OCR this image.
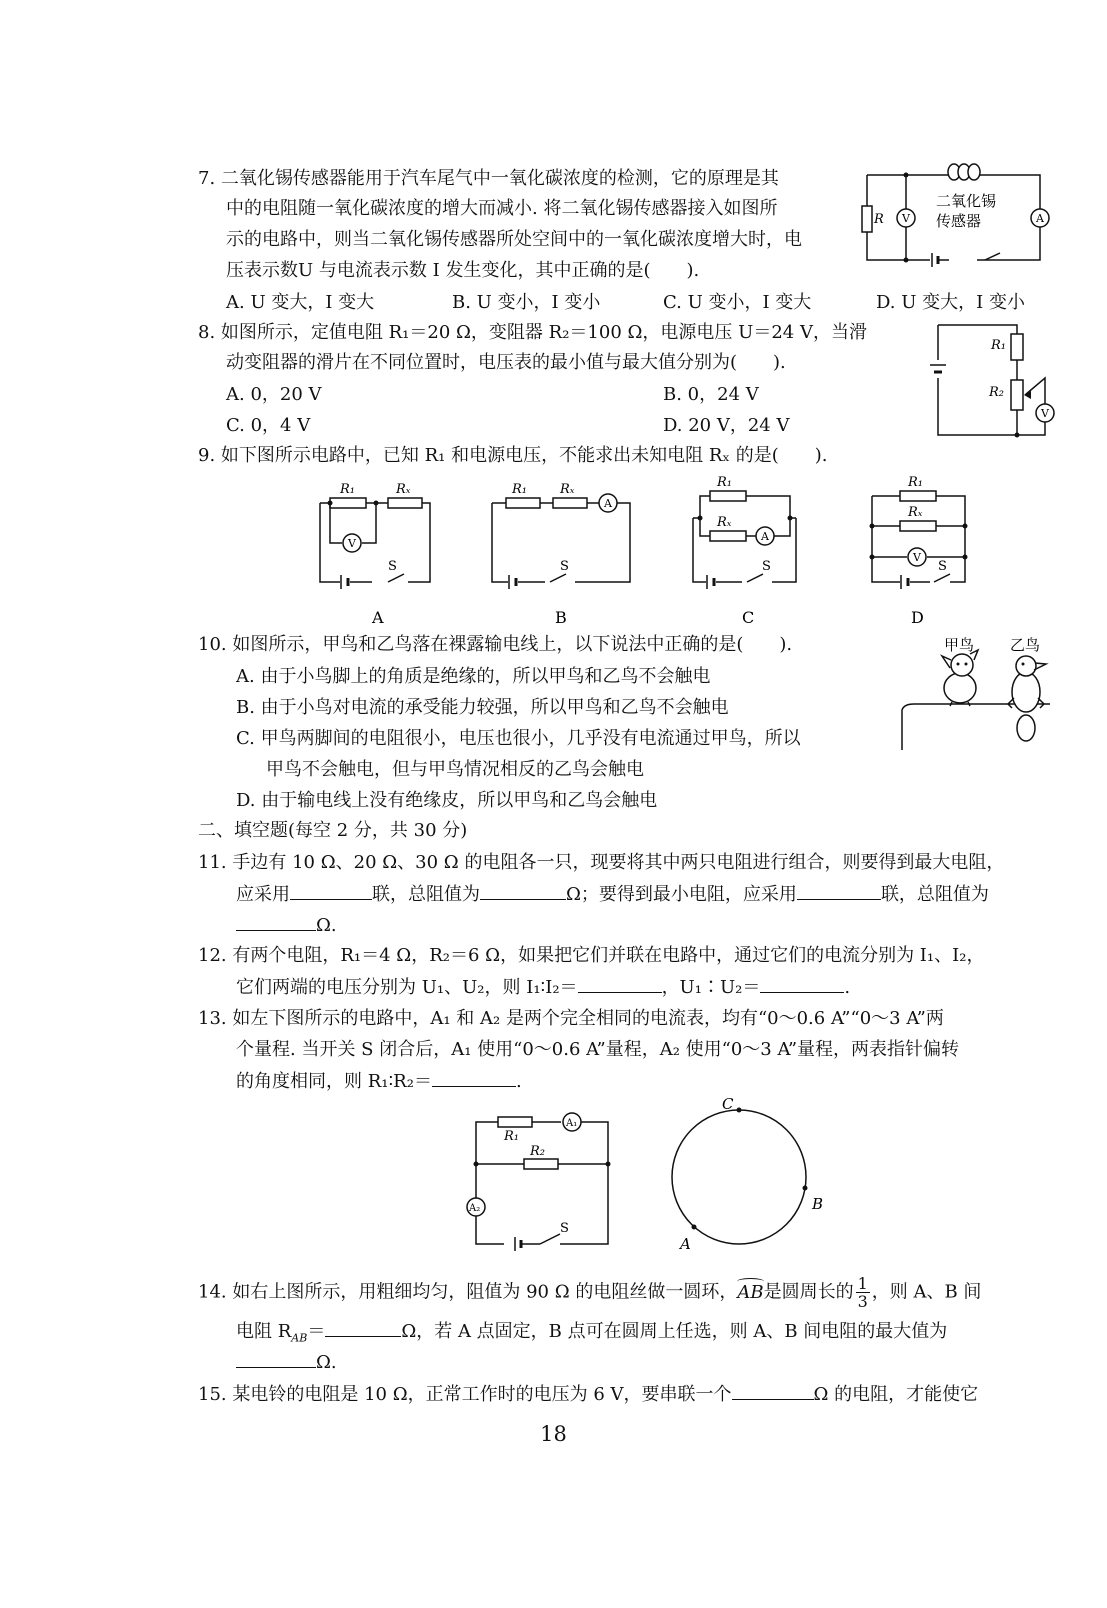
7. 二氧化锡传感器能用于汽车尾气中一氧化碳浓度的检测，它的原理是其
中的电阻随一氧化碳浓度的增大而减小. 将二氧化锡传感器接入如图所
示的电路中，则当二氧化锡传感器所处空间中的一氧化碳浓度增大时，电
压表示数U 与电流表示数 I 发生变化，其中正确的是(　　).
A. U 变大，I 变大	B. U 变小，I 变小	C. U 变小，I 变大	D. U 变大，I 变小
R V	A
二氧化锡
传感器
8. 如图所示，定值电阻 R₁＝20 Ω，变阻器 R₂＝100 Ω，电源电压 U＝24 V，当滑
动变阻器的滑片在不同位置时，电压表的最小值与最大值分别为(　　).
A. 0，20 V	B. 0，24 V
C. 0，4 V	D. 20 V，24 V
R₁
R₂
V
9. 如下图所示电路中，已知 R₁ 和电源电压，不能求出未知电阻 Rₓ 的是(　　).
R₁	Rₓ	R₁	Rₓ	R₁
Rₓ
R₁
Rₓ
S	S	S	S
V
A
A
V
A	B	C	D
10. 如图所示，甲鸟和乙鸟落在裸露输电线上，以下说法中正确的是(　　).
A. 由于小鸟脚上的角质是绝缘的，所以甲鸟和乙鸟不会触电
B. 由于小鸟对电流的承受能力较强，所以甲鸟和乙鸟不会触电
C. 甲鸟两脚间的电阻很小，电压也很小，几乎没有电流通过甲鸟，所以
甲鸟不会触电，但与甲鸟情况相反的乙鸟会触电
D. 由于输电线上没有绝缘皮，所以甲鸟和乙鸟会触电
甲鸟 乙鸟
二、填空题(每空 2 分，共 30 分)
11. 手边有 10 Ω、20 Ω、30 Ω 的电阻各一只，现要将其中两只电阻进行组合，则要得到最大电阻，
应采用	联，总阻值为	Ω；要得到最小电阻，应采用	联，总阻值为
Ω.
12. 有两个电阻，R₁＝4 Ω，R₂＝6 Ω，如果把它们并联在电路中，通过它们的电流分别为 I₁、I₂，
它们两端的电压分别为 U₁、U₂，则 I₁∶I₂＝	，U₁∶U₂＝	.
13. 如左下图所示的电路中，A₁ 和 A₂ 是两个完全相同的电流表，均有“0～0.6 A”“0～3 A”两
个量程. 当开关 S 闭合后，A₁ 使用“0～0.6 A”量程，A₂ 使用“0～3 A”量程，两表指针偏转
的角度相同，则 R₁∶R₂＝	.
R₁
R₂
A₁
A₂
S
C
B
A
14. 如右上图所示，用粗细均匀，阻值为 90 Ω 的电阻丝做一圆环，AB
是圆周长的 $\frac{1}{3}$ ，则 A、B 间
电阻 $R_{AB}=$	Ω，若 A 点固定，B 点可在圆周上任选，则 A、B 间电阻的最大值为
Ω.
15. 某电铃的电阻是 10 Ω，正常工作时的电压为 6 V，要串联一个	Ω 的电阻，才能使它
18
